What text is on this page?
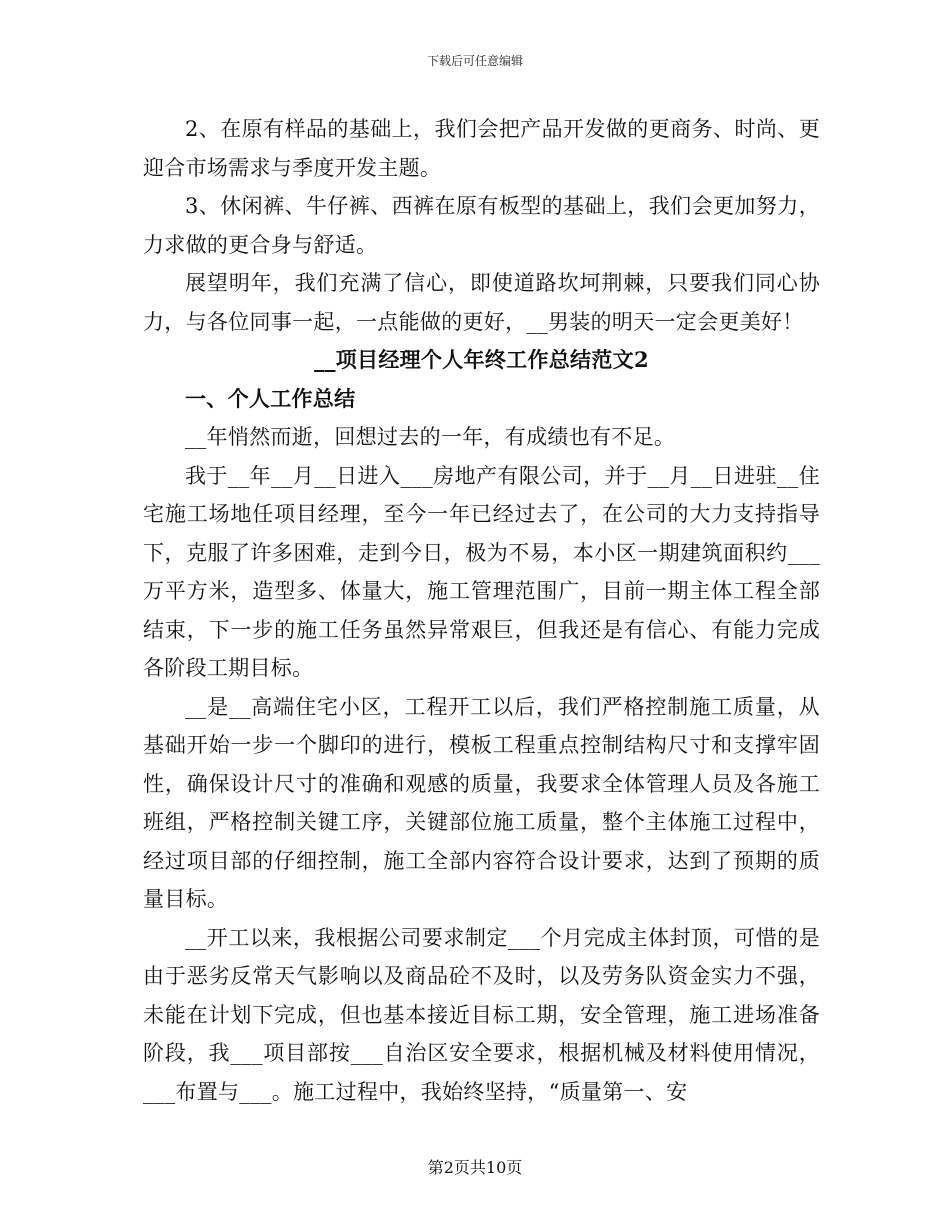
下载后可任意编辑

2、在原有样品的基础上，我们会把产品开发做的更商务、时尚、更迎合市场需求与季度开发主题。

3、休闲裤、牛仔裤、西裤在原有板型的基础上，我们会更加努力，力求做的更合身与舒适。

展望明年，我们充满了信心，即使道路坎坷荆棘，只要我们同心协力，与各位同事一起，一点能做的更好，__男装的明天一定会更美好！

__项目经理个人年终工作总结范文2

一、个人工作总结

__年悄然而逝，回想过去的一年，有成绩也有不足。

我于__年__月__日进入___房地产有限公司，并于__月__日进驻__住宅施工场地任项目经理，至今一年已经过去了，在公司的大力支持指导下，克服了许多困难，走到今日，极为不易，本小区一期建筑面积约___万平方米，造型多、体量大，施工管理范围广，目前一期主体工程全部结束，下一步的施工任务虽然异常艰巨，但我还是有信心、有能力完成各阶段工期目标。

__是__高端住宅小区，工程开工以后，我们严格控制施工质量，从基础开始一步一个脚印的进行，模板工程重点控制结构尺寸和支撑牢固性，确保设计尺寸的准确和观感的质量，我要求全体管理人员及各施工班组，严格控制关键工序，关键部位施工质量，整个主体施工过程中，经过项目部的仔细控制，施工全部内容符合设计要求，达到了预期的质量目标。

__开工以来，我根据公司要求制定___个月完成主体封顶，可惜的是由于恶劣反常天气影响以及商品砼不及时，以及劳务队资金实力不强，未能在计划下完成，但也基本接近目标工期，安全管理，施工进场准备阶段，我___项目部按___自治区安全要求，根据机械及材料使用情况，___布置与___。施工过程中，我始终坚持，“质量第一、安

第2页共10页
